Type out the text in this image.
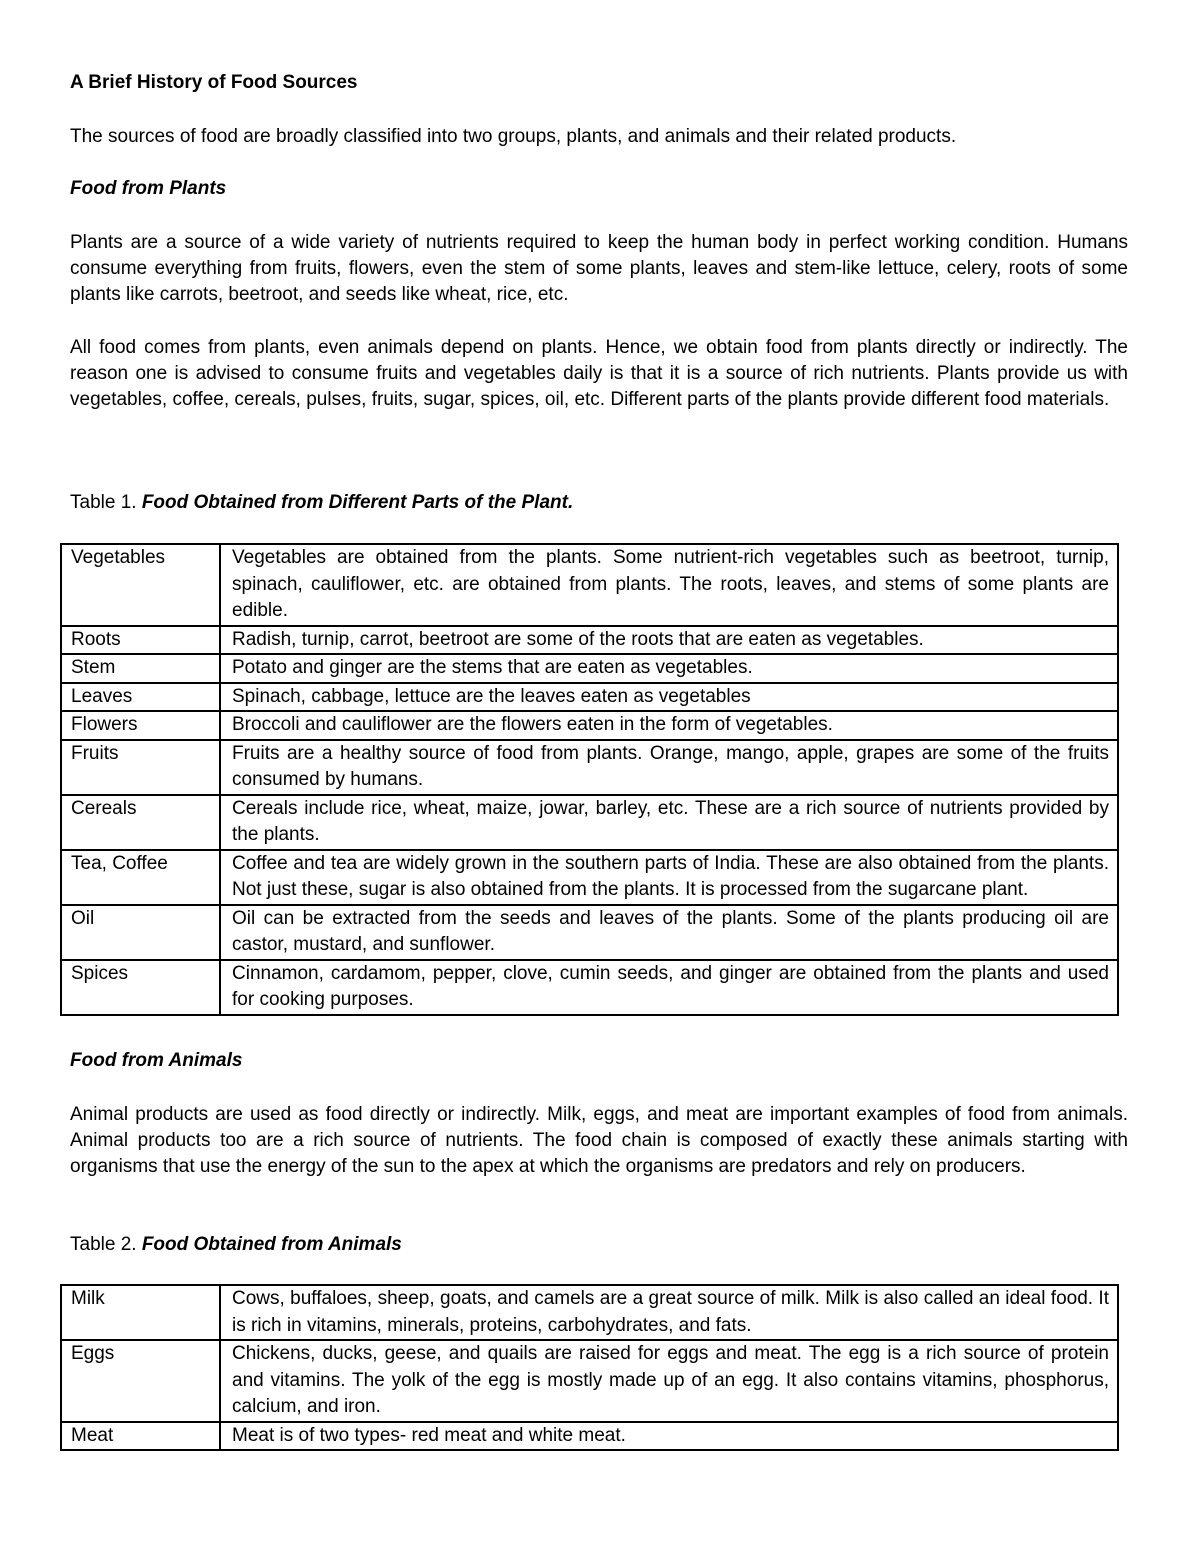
A Brief History of Food Sources

The sources of food are broadly classified into two groups, plants, and animals and their related products.

Food from Plants

Plants are a source of a wide variety of nutrients required to keep the human body in perfect working condition. Humans consume everything from fruits, flowers, even the stem of some plants, leaves and stem-like lettuce, celery, roots of some plants like carrots, beetroot, and seeds like wheat, rice, etc.

All food comes from plants, even animals depend on plants. Hence, we obtain food from plants directly or indirectly. The reason one is advised to consume fruits and vegetables daily is that it is a source of rich nutrients. Plants provide us with vegetables, coffee, cereals, pulses, fruits, sugar, spices, oil, etc. Different parts of the plants provide different food materials.

Table 1. Food Obtained from Different Parts of the Plant.

Vegetables	Vegetables are obtained from the plants. Some nutrient-rich vegetables such as beetroot, turnip, spinach, cauliflower, etc. are obtained from plants. The roots, leaves, and stems of some plants are edible.
Roots	Radish, turnip, carrot, beetroot are some of the roots that are eaten as vegetables.
Stem	Potato and ginger are the stems that are eaten as vegetables.
Leaves	Spinach, cabbage, lettuce are the leaves eaten as vegetables
Flowers	Broccoli and cauliflower are the flowers eaten in the form of vegetables.
Fruits	Fruits are a healthy source of food from plants. Orange, mango, apple, grapes are some of the fruits consumed by humans.
Cereals	Cereals include rice, wheat, maize, jowar, barley, etc. These are a rich source of nutrients provided by the plants.
Tea, Coffee	Coffee and tea are widely grown in the southern parts of India. These are also obtained from the plants. Not just these, sugar is also obtained from the plants. It is processed from the sugarcane plant.
Oil	Oil can be extracted from the seeds and leaves of the plants. Some of the plants producing oil are castor, mustard, and sunflower.
Spices	Cinnamon, cardamom, pepper, clove, cumin seeds, and ginger are obtained from the plants and used for cooking purposes.
Food from Animals

Animal products are used as food directly or indirectly. Milk, eggs, and meat are important examples of food from animals. Animal products too are a rich source of nutrients. The food chain is composed of exactly these animals starting with organisms that use the energy of the sun to the apex at which the organisms are predators and rely on producers.

Table 2. Food Obtained from Animals

Milk	Cows, buffaloes, sheep, goats, and camels are a great source of milk. Milk is also called an ideal food. It is rich in vitamins, minerals, proteins, carbohydrates, and fats.
Eggs	Chickens, ducks, geese, and quails are raised for eggs and meat. The egg is a rich source of protein and vitamins. The yolk of the egg is mostly made up of an egg. It also contains vitamins, phosphorus, calcium, and iron.
Meat	Meat is of two types- red meat and white meat.
